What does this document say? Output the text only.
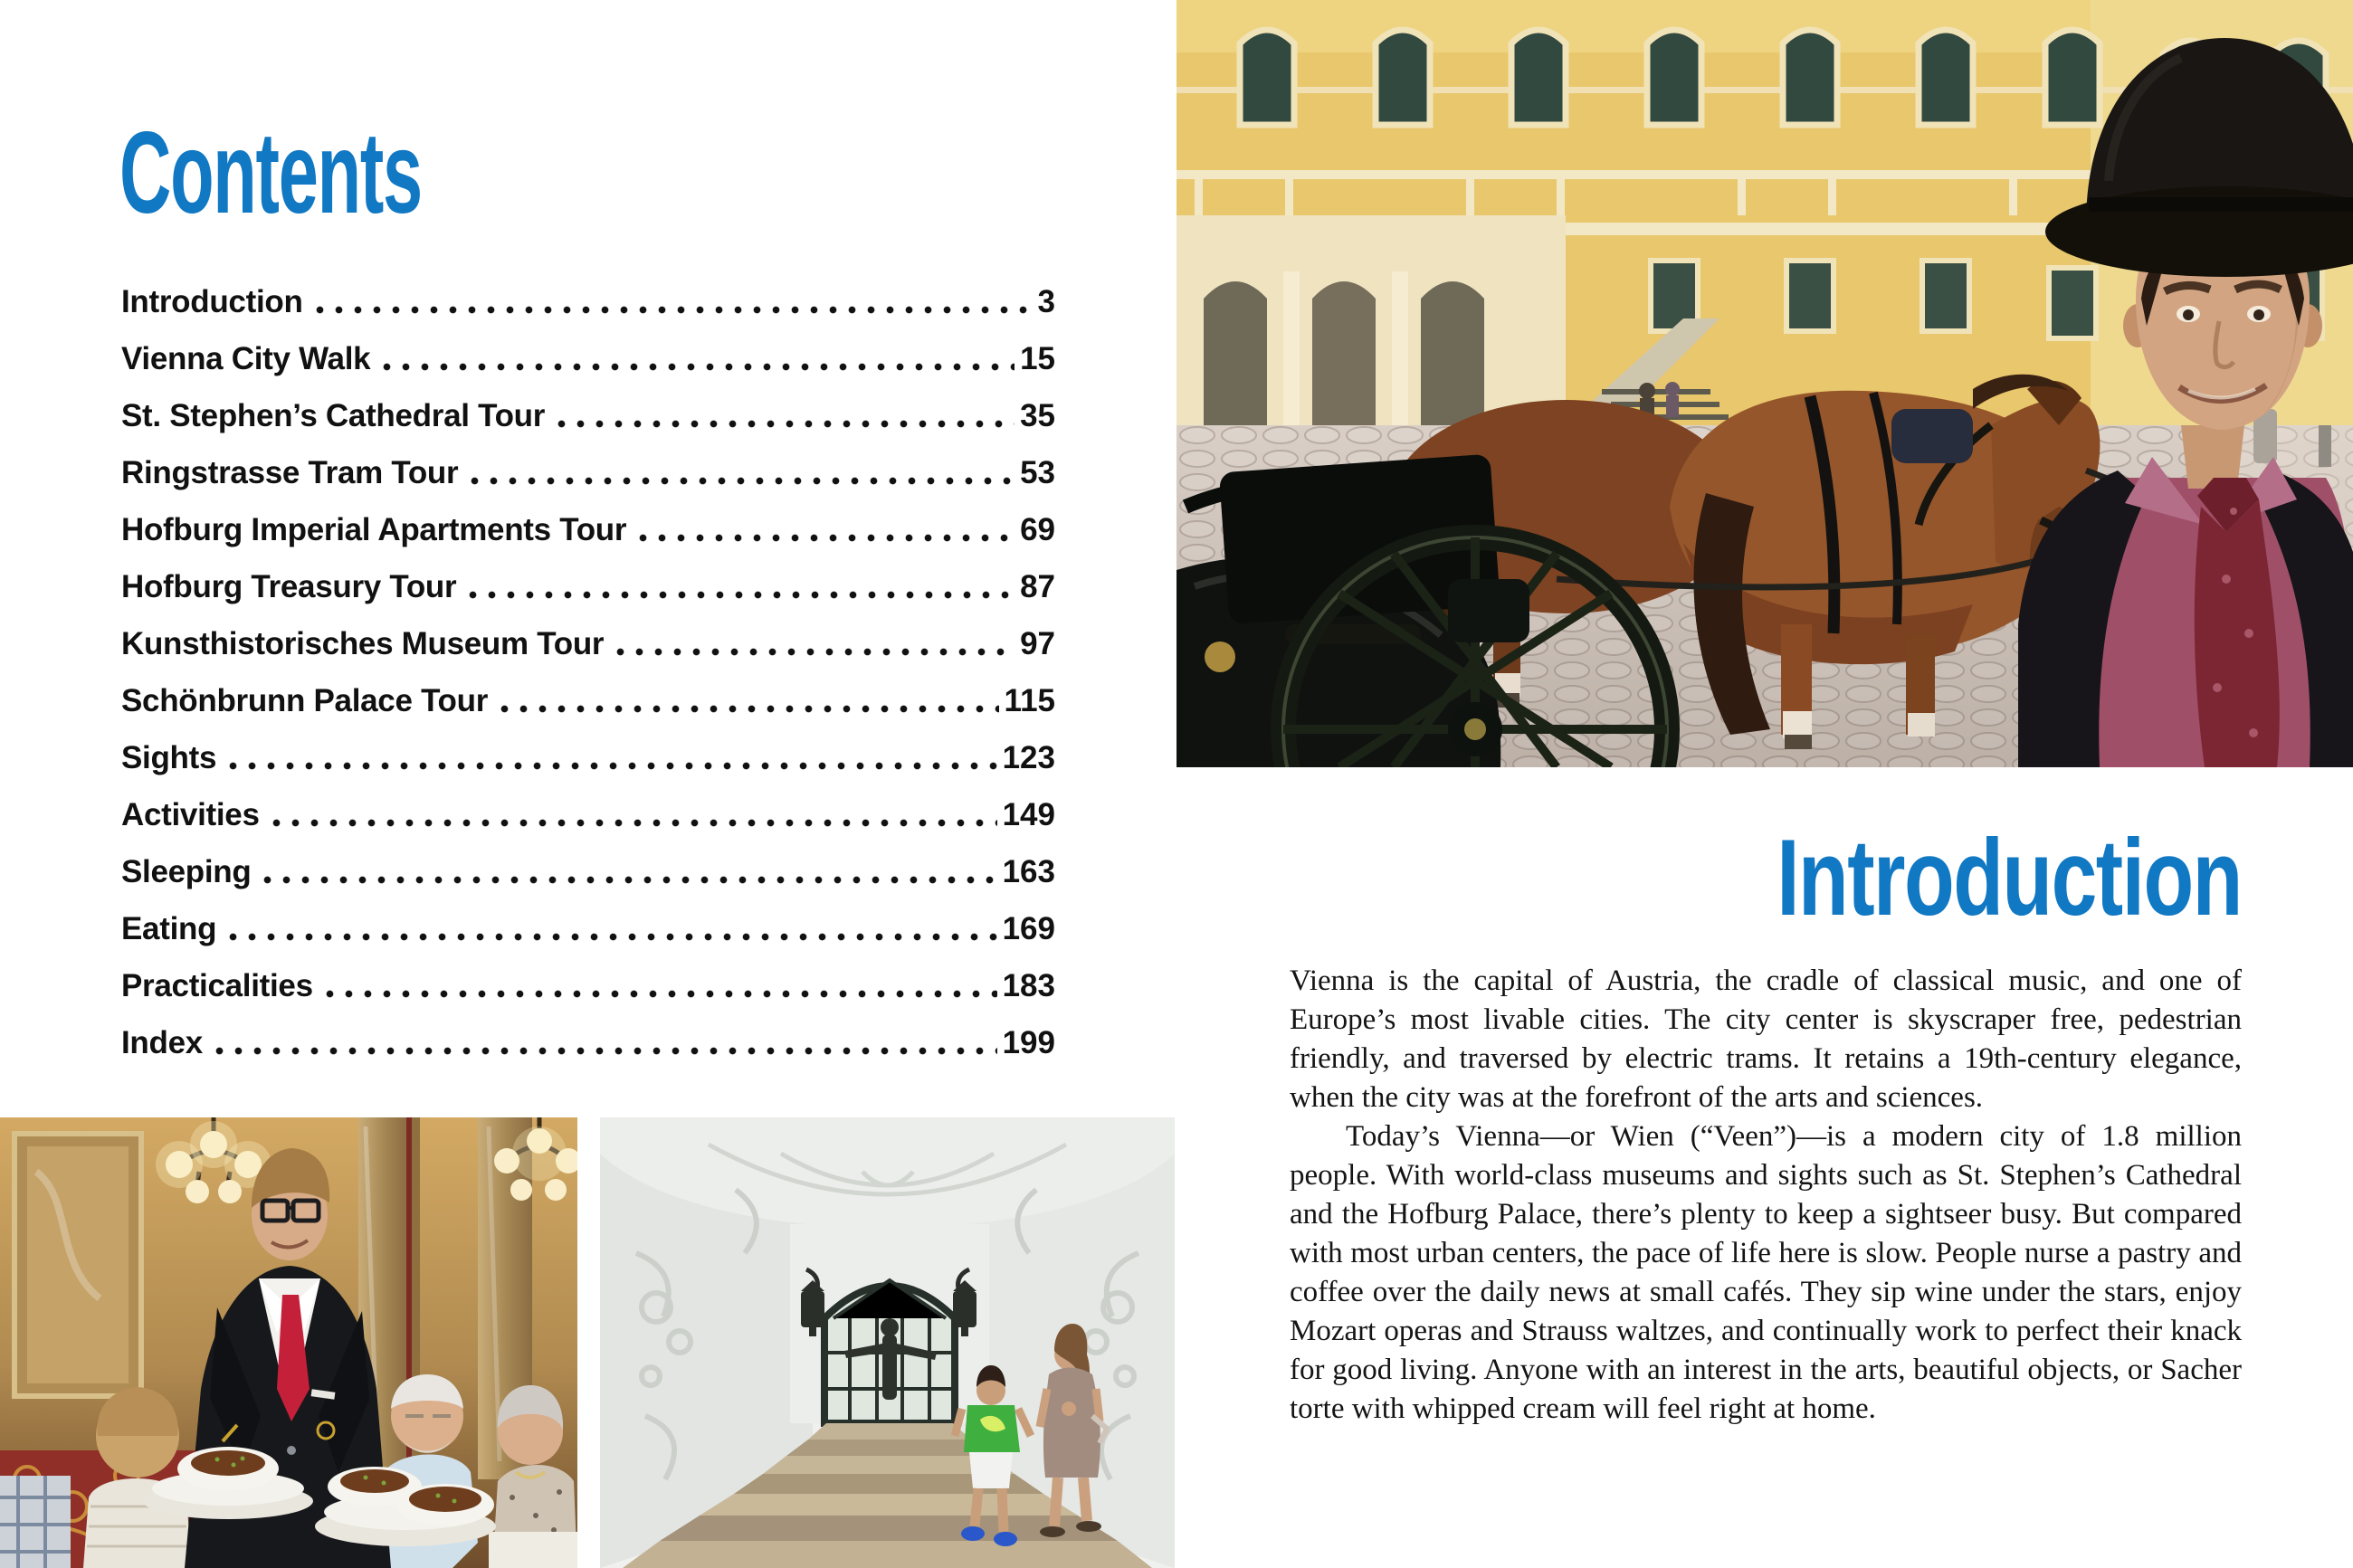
Contents
Introduction	3
Vienna City Walk	15
St. Stephen’s Cathedral Tour	35
Ringstrasse Tram Tour	53
Hofburg Imperial Apartments Tour	69
Hofburg Treasury Tour	87
Kunsthistorisches Museum Tour	97
Schönbrunn Palace Tour	115
Sights	123
Activities	149
Sleeping	163
Eating	169
Practicalities	183
Index	199
Introduction

Vienna is the capital of Austria, the cradle of classical music, and one of Europe’s most livable cities. The city center is skyscraper free, pedestrian friendly, and traversed by electric trams. It retains a 19th-century elegance, when the city was at the forefront of the arts and sciences.

Today’s Vienna—or Wien (“Veen”)—is a modern city of 1.8 million people. With world-class museums and sights such as St. Stephen’s Cathedral and the Hofburg Palace, there’s plenty to keep a sightseer busy. But compared with most urban centers, the pace of life here is slow. People nurse a pastry and coffee over the daily news at small cafés. They sip wine under the stars, enjoy Mozart operas and Strauss waltzes, and continually work to perfect their knack for good living. Anyone with an interest in the arts, beautiful objects, or Sacher torte with whipped cream will feel right at home.
